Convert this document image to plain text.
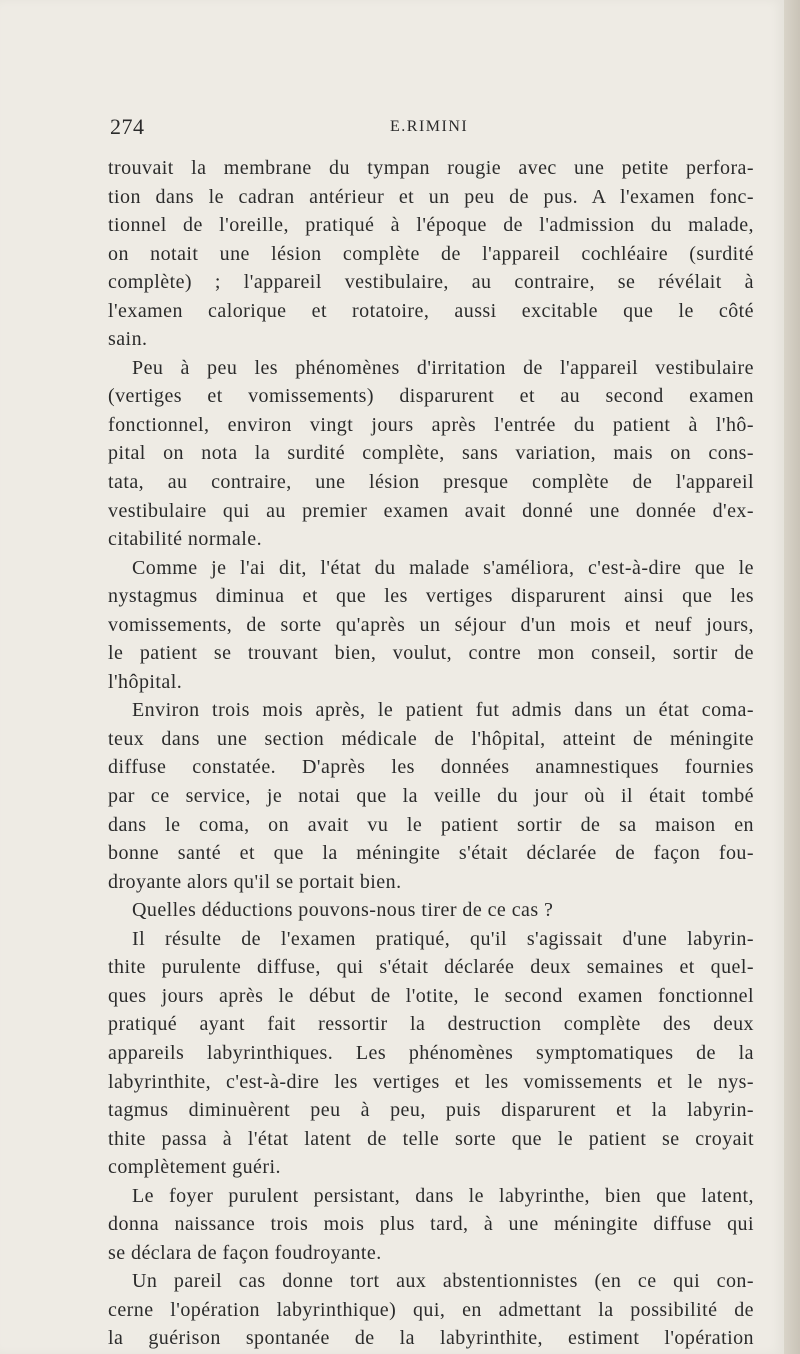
274	E.RIMINI
trouvait la membrane du tympan rougie avec une petite perfora-
tion dans le cadran antérieur et un peu de pus. A l'examen fonc-
tionnel de l'oreille, pratiqué à l'époque de l'admission du malade,
on notait une lésion complète de l'appareil cochléaire (surdité
complète) ; l'appareil vestibulaire, au contraire, se révélait à
l'examen calorique et rotatoire, aussi excitable que le côté
sain.
Peu à peu les phénomènes d'irritation de l'appareil vestibulaire
(vertiges et vomissements) disparurent et au second examen
fonctionnel, environ vingt jours après l'entrée du patient à l'hô-
pital on nota la surdité complète, sans variation, mais on cons-
tata, au contraire, une lésion presque complète de l'appareil
vestibulaire qui au premier examen avait donné une donnée d'ex-
citabilité normale.
Comme je l'ai dit, l'état du malade s'améliora, c'est-à-dire que le
nystagmus diminua et que les vertiges disparurent ainsi que les
vomissements, de sorte qu'après un séjour d'un mois et neuf jours,
le patient se trouvant bien, voulut, contre mon conseil, sortir de
l'hôpital.
Environ trois mois après, le patient fut admis dans un état coma-
teux dans une section médicale de l'hôpital, atteint de méningite
diffuse constatée. D'après les données anamnestiques fournies
par ce service, je notai que la veille du jour où il était tombé
dans le coma, on avait vu le patient sortir de sa maison en
bonne santé et que la méningite s'était déclarée de façon fou-
droyante alors qu'il se portait bien.
Quelles déductions pouvons-nous tirer de ce cas ?
Il résulte de l'examen pratiqué, qu'il s'agissait d'une labyrin-
thite purulente diffuse, qui s'était déclarée deux semaines et quel-
ques jours après le début de l'otite, le second examen fonctionnel
pratiqué ayant fait ressortir la destruction complète des deux
appareils labyrinthiques. Les phénomènes symptomatiques de la
labyrinthite, c'est-à-dire les vertiges et les vomissements et le nys-
tagmus diminuèrent peu à peu, puis disparurent et la labyrin-
thite passa à l'état latent de telle sorte que le patient se croyait
complètement guéri.
Le foyer purulent persistant, dans le labyrinthe, bien que latent,
donna naissance trois mois plus tard, à une méningite diffuse qui
se déclara de façon foudroyante.
Un pareil cas donne tort aux abstentionnistes (en ce qui con-
cerne l'opération labyrinthique) qui, en admettant la possibilité de
la guérison spontanée de la labyrinthite, estiment l'opération
